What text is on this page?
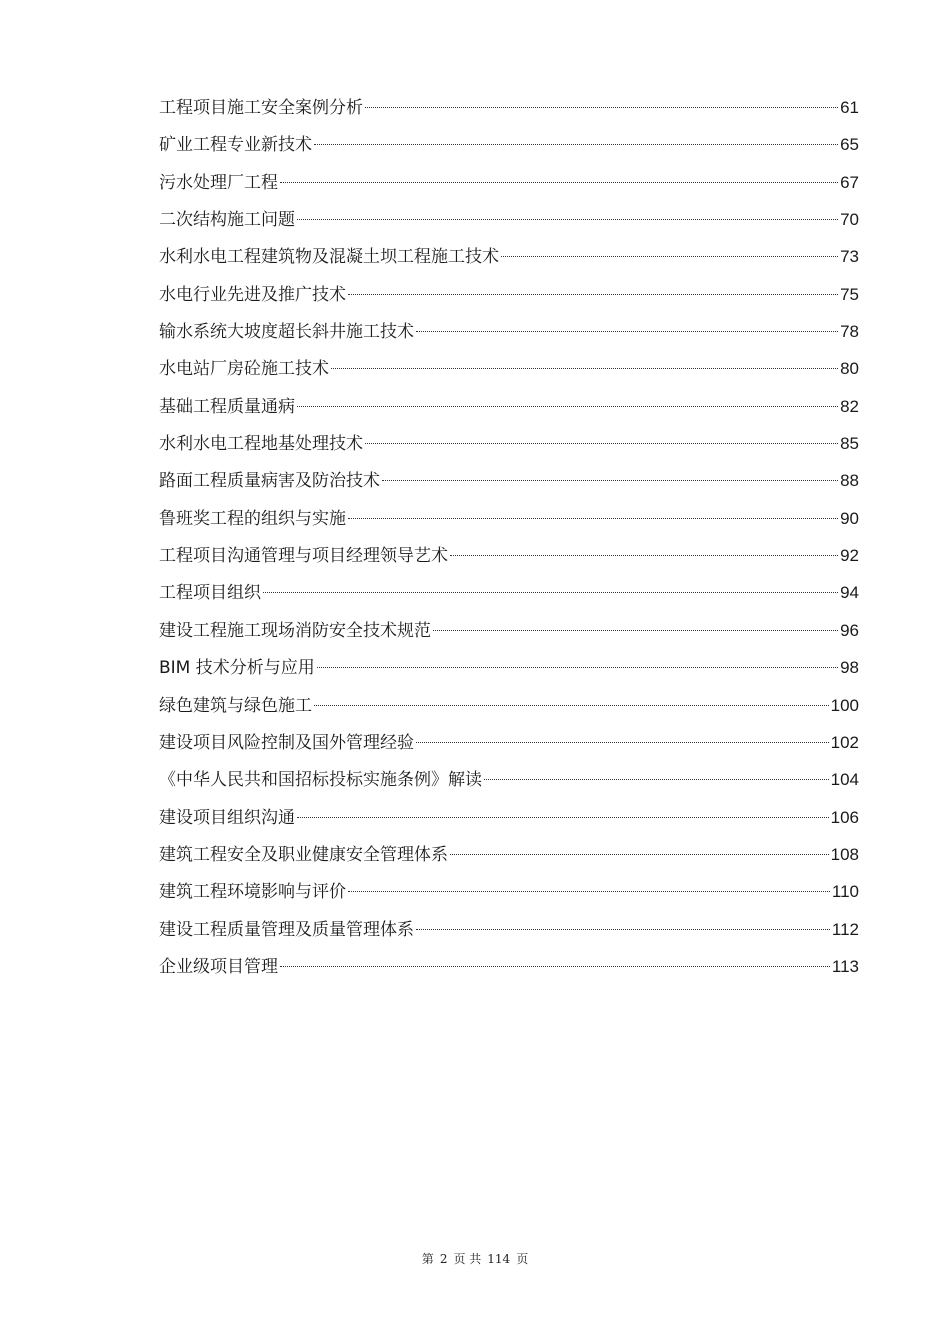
工程项目施工安全案例分析	61
矿业工程专业新技术	65
污水处理厂工程	67
二次结构施工问题	70
水利水电工程建筑物及混凝土坝工程施工技术	73
水电行业先进及推广技术	75
输水系统大坡度超长斜井施工技术	78
水电站厂房砼施工技术	80
基础工程质量通病	82
水利水电工程地基处理技术	85
路面工程质量病害及防治技术	88
鲁班奖工程的组织与实施	90
工程项目沟通管理与项目经理领导艺术	92
工程项目组织	94
建设工程施工现场消防安全技术规范	96
BIM 技术分析与应用	98
绿色建筑与绿色施工	100
建设项目风险控制及国外管理经验	102
《中华人民共和国招标投标实施条例》解读	104
建设项目组织沟通	106
建筑工程安全及职业健康安全管理体系	108
建筑工程环境影响与评价	110
建设工程质量管理及质量管理体系	112
企业级项目管理	113
第 2 页 共 114 页
